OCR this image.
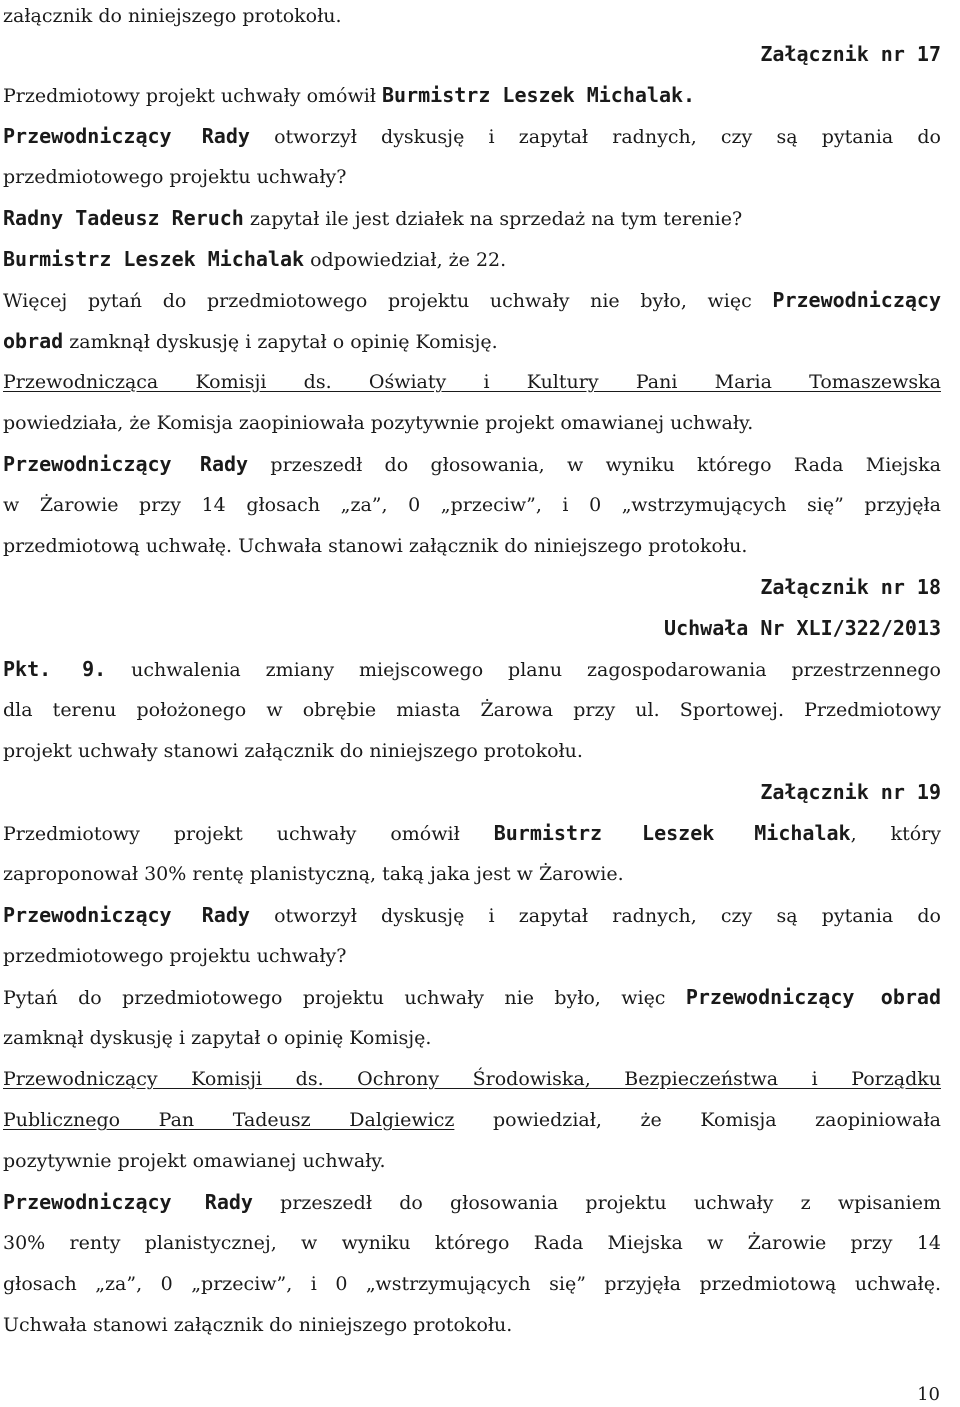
załącznik do niniejszego protokołu.
Załącznik nr 17
Przedmiotowy projekt uchwały omówił Burmistrz Leszek Michalak.
Przewodniczący Rady otworzył dyskusję i zapytał radnych, czy są pytania do
przedmiotowego projektu uchwały?
Radny Tadeusz Reruch zapytał ile jest działek na sprzedaż na tym terenie?
Burmistrz Leszek Michalak odpowiedział, że 22.
Więcej pytań do przedmiotowego projektu uchwały nie było, więc Przewodniczący
obrad zamknął dyskusję i zapytał o opinię Komisję.
Przewodnicząca Komisji ds. Oświaty i Kultury Pani Maria Tomaszewska
powiedziała, że Komisja zaopiniowała pozytywnie projekt omawianej uchwały.
Przewodniczący Rady przeszedł do głosowania, w wyniku którego Rada Miejska
w Żarowie przy 14 głosach „za”, 0 „przeciw”, i 0 „wstrzymujących się” przyjęła
przedmiotową uchwałę. Uchwała stanowi załącznik do niniejszego protokołu.
Załącznik nr 18
Uchwała Nr XLI/322/2013
Pkt. 9. uchwalenia zmiany miejscowego planu zagospodarowania przestrzennego
dla terenu położonego w obrębie miasta Żarowa przy ul. Sportowej. Przedmiotowy
projekt uchwały stanowi załącznik do niniejszego protokołu.
Załącznik nr 19
Przedmiotowy projekt uchwały omówił Burmistrz Leszek Michalak, który
zaproponował 30% rentę planistyczną, taką jaka jest w Żarowie.
Przewodniczący Rady otworzył dyskusję i zapytał radnych, czy są pytania do
przedmiotowego projektu uchwały?
Pytań do przedmiotowego projektu uchwały nie było, więc Przewodniczący obrad
zamknął dyskusję i zapytał o opinię Komisję.
Przewodniczący Komisji ds. Ochrony Środowiska, Bezpieczeństwa i Porządku
Publicznego Pan Tadeusz Dalgiewicz powiedział, że Komisja zaopiniowała
pozytywnie projekt omawianej uchwały.
Przewodniczący Rady przeszedł do głosowania projektu uchwały z wpisaniem
30% renty planistycznej, w wyniku którego Rada Miejska w Żarowie przy 14
głosach „za”, 0 „przeciw”, i 0 „wstrzymujących się” przyjęła przedmiotową uchwałę.
Uchwała stanowi załącznik do niniejszego protokołu.
10
